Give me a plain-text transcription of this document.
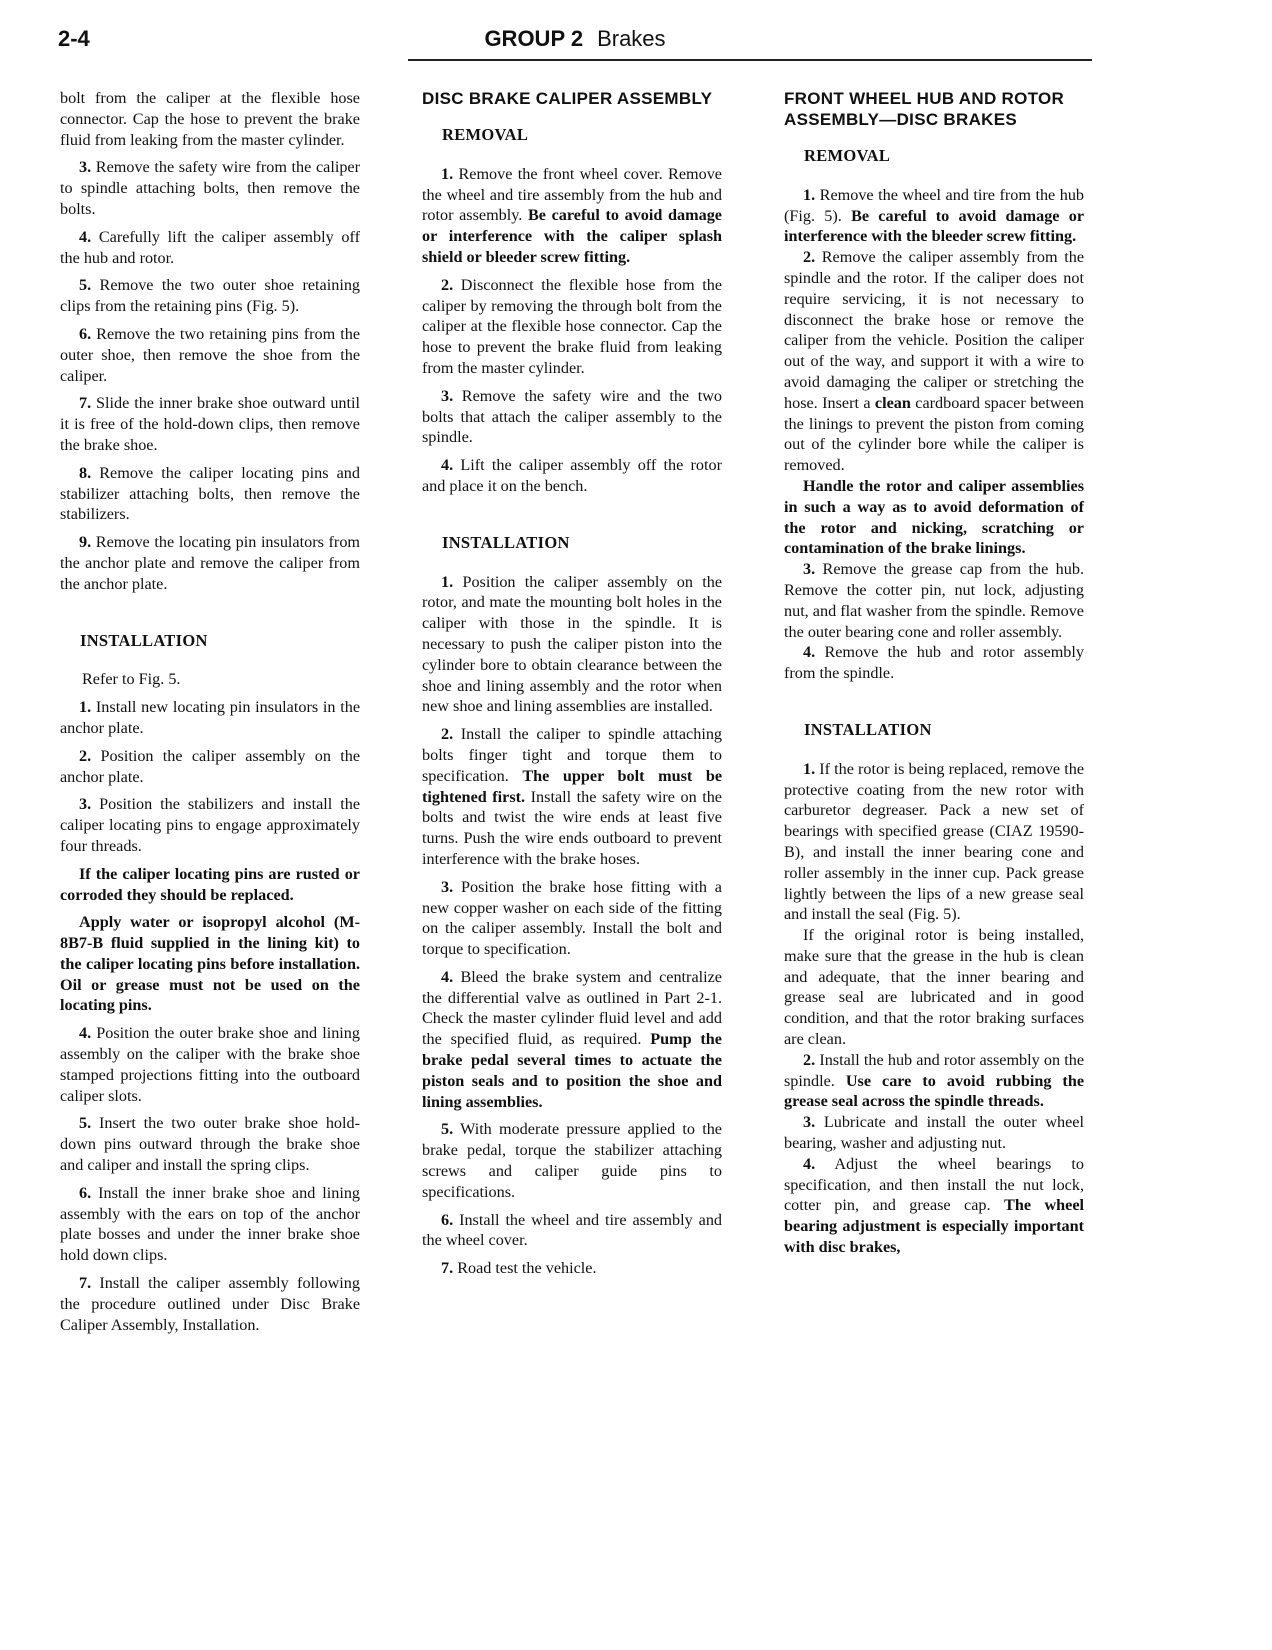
2-4	GROUP 2 Brakes

bolt from the caliper at the flexible hose connector. Cap the hose to prevent the brake fluid from leaking from the master cylinder.

3. Remove the safety wire from the caliper to spindle attaching bolts, then remove the bolts.

4. Carefully lift the caliper assembly off the hub and rotor.

5. Remove the two outer shoe retaining clips from the retaining pins (Fig. 5).

6. Remove the two retaining pins from the outer shoe, then remove the shoe from the caliper.

7. Slide the inner brake shoe outward until it is free of the hold-down clips, then remove the brake shoe.

8. Remove the caliper locating pins and stabilizer attaching bolts, then remove the stabilizers.

9. Remove the locating pin insulators from the anchor plate and remove the caliper from the anchor plate.

INSTALLATION

Refer to Fig. 5.

1. Install new locating pin insulators in the anchor plate.

2. Position the caliper assembly on the anchor plate.

3. Position the stabilizers and install the caliper locating pins to engage approximately four threads.

If the caliper locating pins are rusted or corroded they should be replaced.

Apply water or isopropyl alcohol (M-8B7-B fluid supplied in the lining kit) to the caliper locating pins before installation. Oil or grease must not be used on the locating pins.

4. Position the outer brake shoe and lining assembly on the caliper with the brake shoe stamped projections fitting into the outboard caliper slots.

5. Insert the two outer brake shoe hold-down pins outward through the brake shoe and caliper and install the spring clips.

6. Install the inner brake shoe and lining assembly with the ears on top of the anchor plate bosses and under the inner brake shoe hold down clips.

7. Install the caliper assembly following the procedure outlined under Disc Brake Caliper Assembly, Installation.

DISC BRAKE CALIPER ASSEMBLY
REMOVAL

1. Remove the front wheel cover. Remove the wheel and tire assembly from the hub and rotor assembly. Be careful to avoid damage or interference with the caliper splash shield or bleeder screw fitting.

2. Disconnect the flexible hose from the caliper by removing the through bolt from the caliper at the flexible hose connector. Cap the hose to prevent the brake fluid from leaking from the master cylinder.

3. Remove the safety wire and the two bolts that attach the caliper assembly to the spindle.

4. Lift the caliper assembly off the rotor and place it on the bench.

INSTALLATION

1. Position the caliper assembly on the rotor, and mate the mounting bolt holes in the caliper with those in the spindle. It is necessary to push the caliper piston into the cylinder bore to obtain clearance between the shoe and lining assembly and the rotor when new shoe and lining assemblies are installed.

2. Install the caliper to spindle attaching bolts finger tight and torque them to specification. The upper bolt must be tightened first. Install the safety wire on the bolts and twist the wire ends at least five turns. Push the wire ends outboard to prevent interference with the brake hoses.

3. Position the brake hose fitting with a new copper washer on each side of the fitting on the caliper assembly. Install the bolt and torque to specification.

4. Bleed the brake system and centralize the differential valve as outlined in Part 2-1. Check the master cylinder fluid level and add the specified fluid, as required. Pump the brake pedal several times to actuate the piston seals and to position the shoe and lining assemblies.

5. With moderate pressure applied to the brake pedal, torque the stabilizer attaching screws and caliper guide pins to specifications.

6. Install the wheel and tire assembly and the wheel cover.

7. Road test the vehicle.

FRONT WHEEL HUB AND ROTOR ASSEMBLY—DISC BRAKES
REMOVAL

1. Remove the wheel and tire from the hub (Fig. 5). Be careful to avoid damage or interference with the bleeder screw fitting.

2. Remove the caliper assembly from the spindle and the rotor. If the caliper does not require servicing, it is not necessary to disconnect the brake hose or remove the caliper from the vehicle. Position the caliper out of the way, and support it with a wire to avoid damaging the caliper or stretching the hose. Insert a clean cardboard spacer between the linings to prevent the piston from coming out of the cylinder bore while the caliper is removed.

Handle the rotor and caliper assemblies in such a way as to avoid deformation of the rotor and nicking, scratching or contamination of the brake linings.

3. Remove the grease cap from the hub. Remove the cotter pin, nut lock, adjusting nut, and flat washer from the spindle. Remove the outer bearing cone and roller assembly.

4. Remove the hub and rotor assembly from the spindle.

INSTALLATION

1. If the rotor is being replaced, remove the protective coating from the new rotor with carburetor degreaser. Pack a new set of bearings with specified grease (CIAZ 19590-B), and install the inner bearing cone and roller assembly in the inner cup. Pack grease lightly between the lips of a new grease seal and install the seal (Fig. 5).

If the original rotor is being installed, make sure that the grease in the hub is clean and adequate, that the inner bearing and grease seal are lubricated and in good condition, and that the rotor braking surfaces are clean.

2. Install the hub and rotor assembly on the spindle. Use care to avoid rubbing the grease seal across the spindle threads.

3. Lubricate and install the outer wheel bearing, washer and adjusting nut.

4. Adjust the wheel bearings to specification, and then install the nut lock, cotter pin, and grease cap. The wheel bearing adjustment is especially important with disc brakes,
